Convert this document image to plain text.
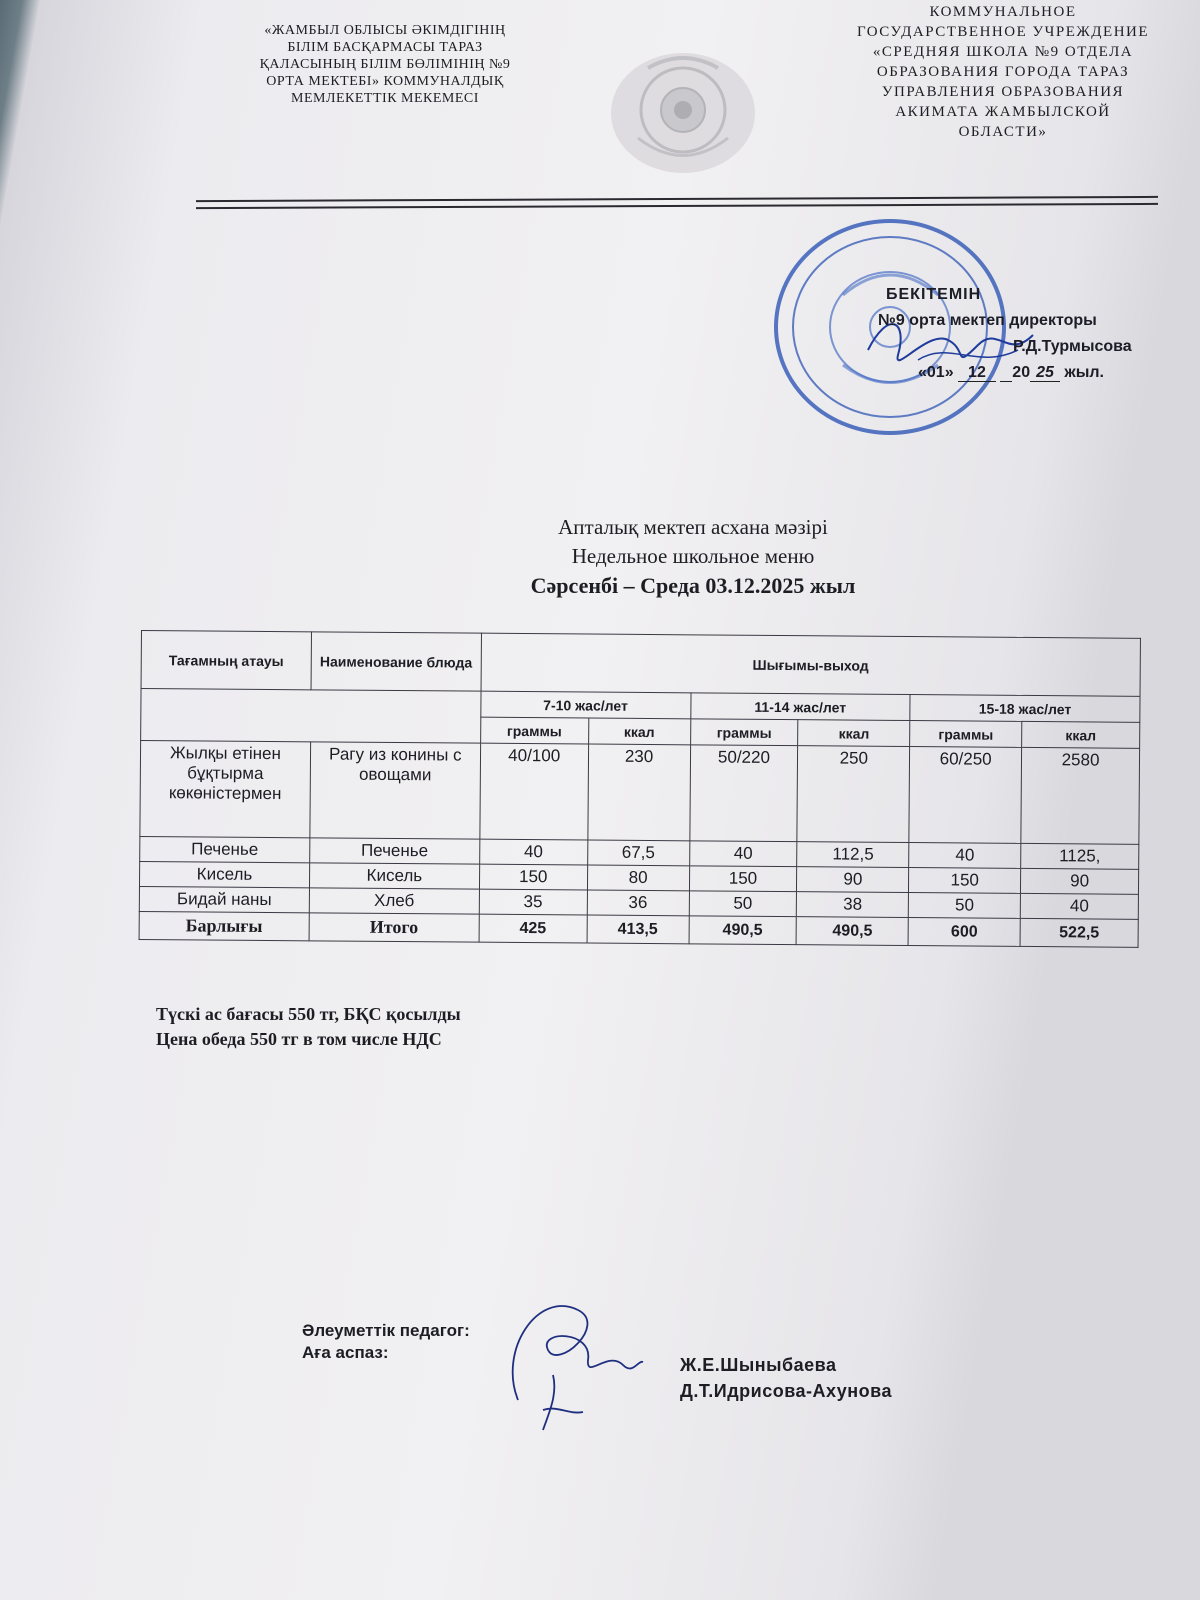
«ЖАМБЫЛ ОБЛЫСЫ ӘКІМДІГІНІҢ
БІЛІМ БАСҚАРМАСЫ ТАРАЗ
ҚАЛАСЫНЫҢ БІЛІМ БӨЛІМІНІҢ №9
ОРТА МЕКТЕБІ» КОММУНАЛДЫҚ
МЕМЛЕКЕТТІК МЕКЕМЕСІ
КОММУНАЛЬНОЕ
ГОСУДАРСТВЕННОЕ УЧРЕЖДЕНИЕ
«СРЕДНЯЯ ШКОЛА №9 ОТДЕЛА
ОБРАЗОВАНИЯ ГОРОДА ТАРАЗ
УПРАВЛЕНИЯ ОБРАЗОВАНИЯ
АКИМАТА ЖАМБЫЛСКОЙ
ОБЛАСТИ»
БЕКІТЕМІН
№9 орта мектеп директоры
Р.Д.Турмысова
«01» 12 20 25 жыл.
Апталық мектеп асхана мәзірі
Недельное школьное меню
Сәрсенбі – Среда 03.12.2025 жыл
Тағамның атауы	Наименование блюда	Шығымы-выход					
		7-10 жас/лет		11-14 жас/лет		15-18 жас/лет	
		граммы	ккал	граммы	ккал	граммы	ккал
Жылқы етінен бұқтырма көкөністермен	Рагу из конины с овощами	40/100	230	50/220	250	60/250	2580
Печенье	Печенье	40	67,5	40	112,5	40	1125,
Кисель	Кисель	150	80	150	90	150	90
Бидай наны	Хлеб	35	36	50	38	50	40
Барлығы	Итого	425	413,5	490,5	490,5	600	522,5
Түскі ас бағасы 550 тг, БҚС қосылды
Цена обеда 550 тг в том числе НДС
Әлеуметтік педагог:
Аға аспаз:
Ж.Е.Шыныбаева
Д.Т.Идрисова-Ахунова
